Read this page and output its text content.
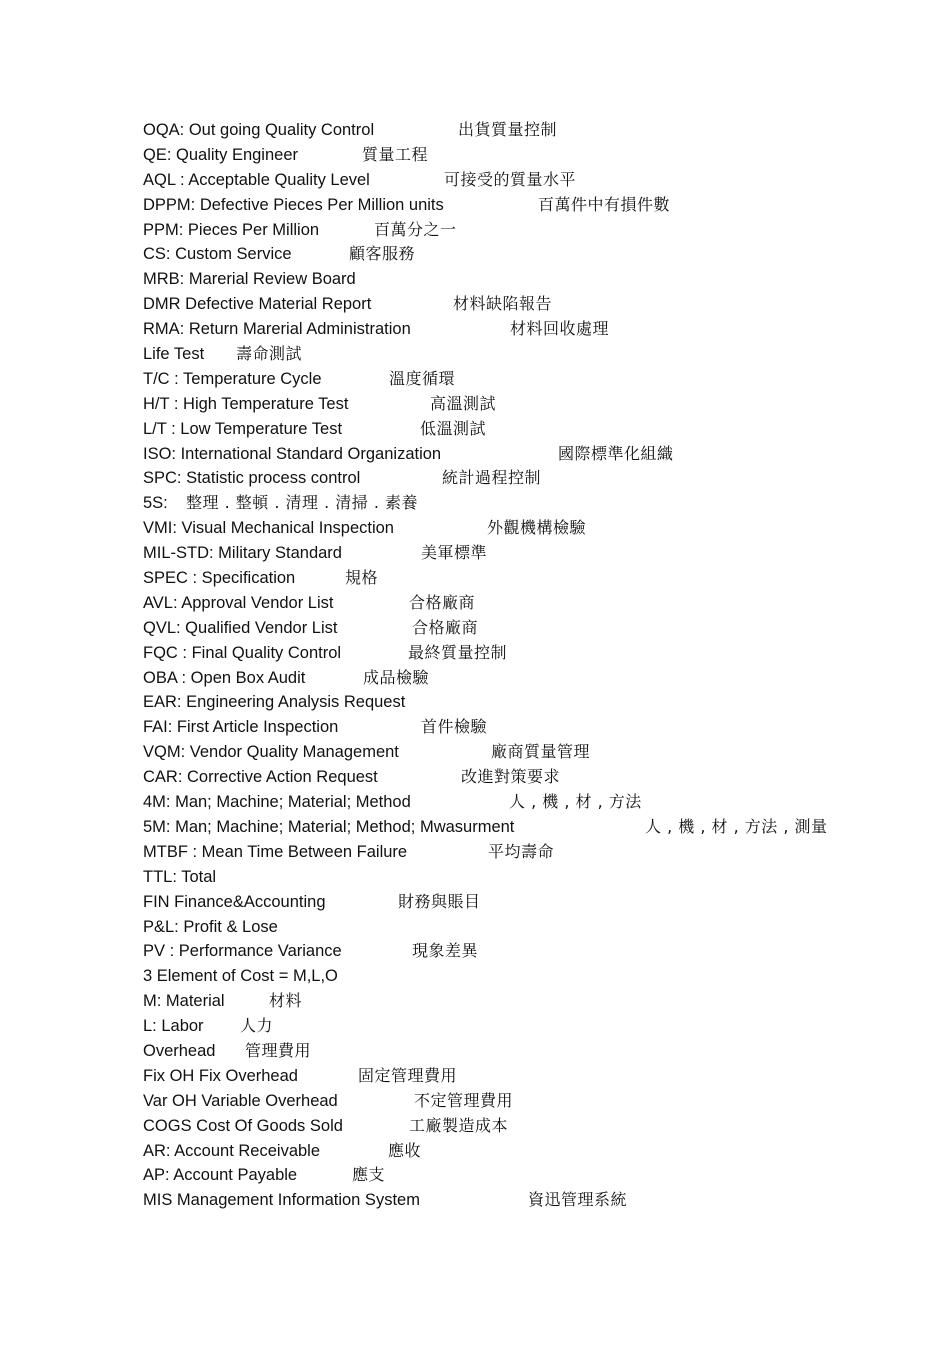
OQA: Out going Quality Control	出貨質量控制
QE: Quality Engineer	質量工程
AQL : Acceptable Quality Level	可接受的質量水平
DPPM: Defective Pieces Per Million units	百萬件中有損件數
PPM: Pieces Per Million	百萬分之一
CS: Custom Service	顧客服務
MRB: Marerial Review Board
DMR Defective Material Report	材料缺陷報告
RMA: Return Marerial Administration	材料回收處理
Life Test 壽命測試
T/C : Temperature Cycle	溫度循環
H/T : High Temperature Test	高溫測試
L/T : Low Temperature Test	低溫測試
ISO: International Standard Organization	國際標準化組織
SPC: Statistic process control	統計過程控制
5S: 整理 . 整頓 . 清理 . 清掃 . 素養
VMI: Visual Mechanical Inspection	外觀機構檢驗
MIL-STD: Military Standard	美軍標準
SPEC : Specification	規格
AVL: Approval Vendor List	合格廠商
QVL: Qualified Vendor List	合格廠商
FQC : Final Quality Control	最終質量控制
OBA : Open Box Audit	成品檢驗
EAR: Engineering Analysis Request
FAI: First Article Inspection	首件檢驗
VQM: Vendor Quality Management	廠商質量管理
CAR: Corrective Action Request	改進對策要求
4M: Man; Machine; Material; Method	人 , 機 , 材 , 方法
5M: Man; Machine; Material; Method; Mwasurment	人 , 機 , 材 , 方法 , 測量
MTBF : Mean Time Between Failure	平均壽命
TTL: Total
FIN Finance&Accounting	財務與賬目
P&L: Profit & Lose
PV : Performance Variance	現象差異
3 Element of Cost = M,L,O
M: Material	材料
L: Labor 人力
Overhead 管理費用
Fix OH Fix Overhead	固定管理費用
Var OH Variable Overhead	不定管理費用
COGS Cost Of Goods Sold	工廠製造成本
AR: Account Receivable	應收
AP: Account Payable	應支
MIS Management Information System	資迅管理系統
